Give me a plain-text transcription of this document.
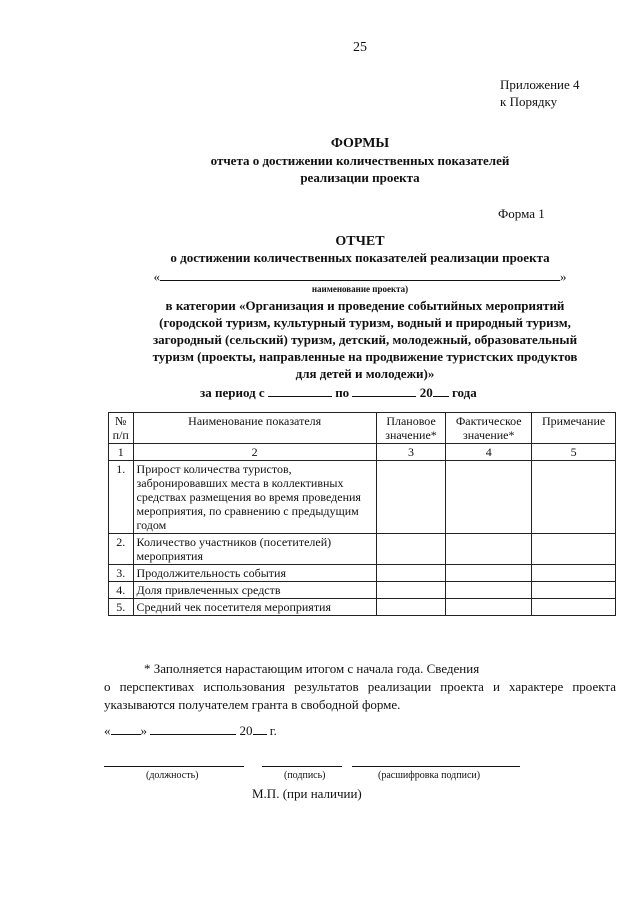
25
Приложение 4
к Порядку
ФОРМЫ
отчета о достижении количественных показателей
реализации проекта
Форма 1
ОТЧЕТ
о достижении количественных показателей реализации проекта
«	»
наименование проекта)
в категории «Организация и проведение событийных мероприятий
(городской туризм, культурный туризм, водный и природный туризм,
загородный (сельский) туризм, детский, молодежный, образовательный
туризм (проекты, направленные на продвижение туристских продуктов
для детей и молодежи)»
за период с	по	20 года
№ п/п	Наименование показателя	Плановое значение*	Фактическое значение*	Примечание
1	2	3	4	5
1.	Прирост количества туристов, забронировавших места в коллективных средствах размещения во время проведения мероприятия, по сравнению с предыдущим годом			
2.	Количество участников (посетителей) мероприятия			
3.	Продолжительность события			
4.	Доля привлеченных средств			
5.	Средний чек посетителя мероприятия			
* Заполняется нарастающим итогом с начала года. Сведения
о перспективах использования результатов реализации проекта и характере проекта указываются получателем гранта в свободной форме.
« »	20 г.
(должность)	(подпись)	(расшифровка подписи)
М.П. (при наличии)
